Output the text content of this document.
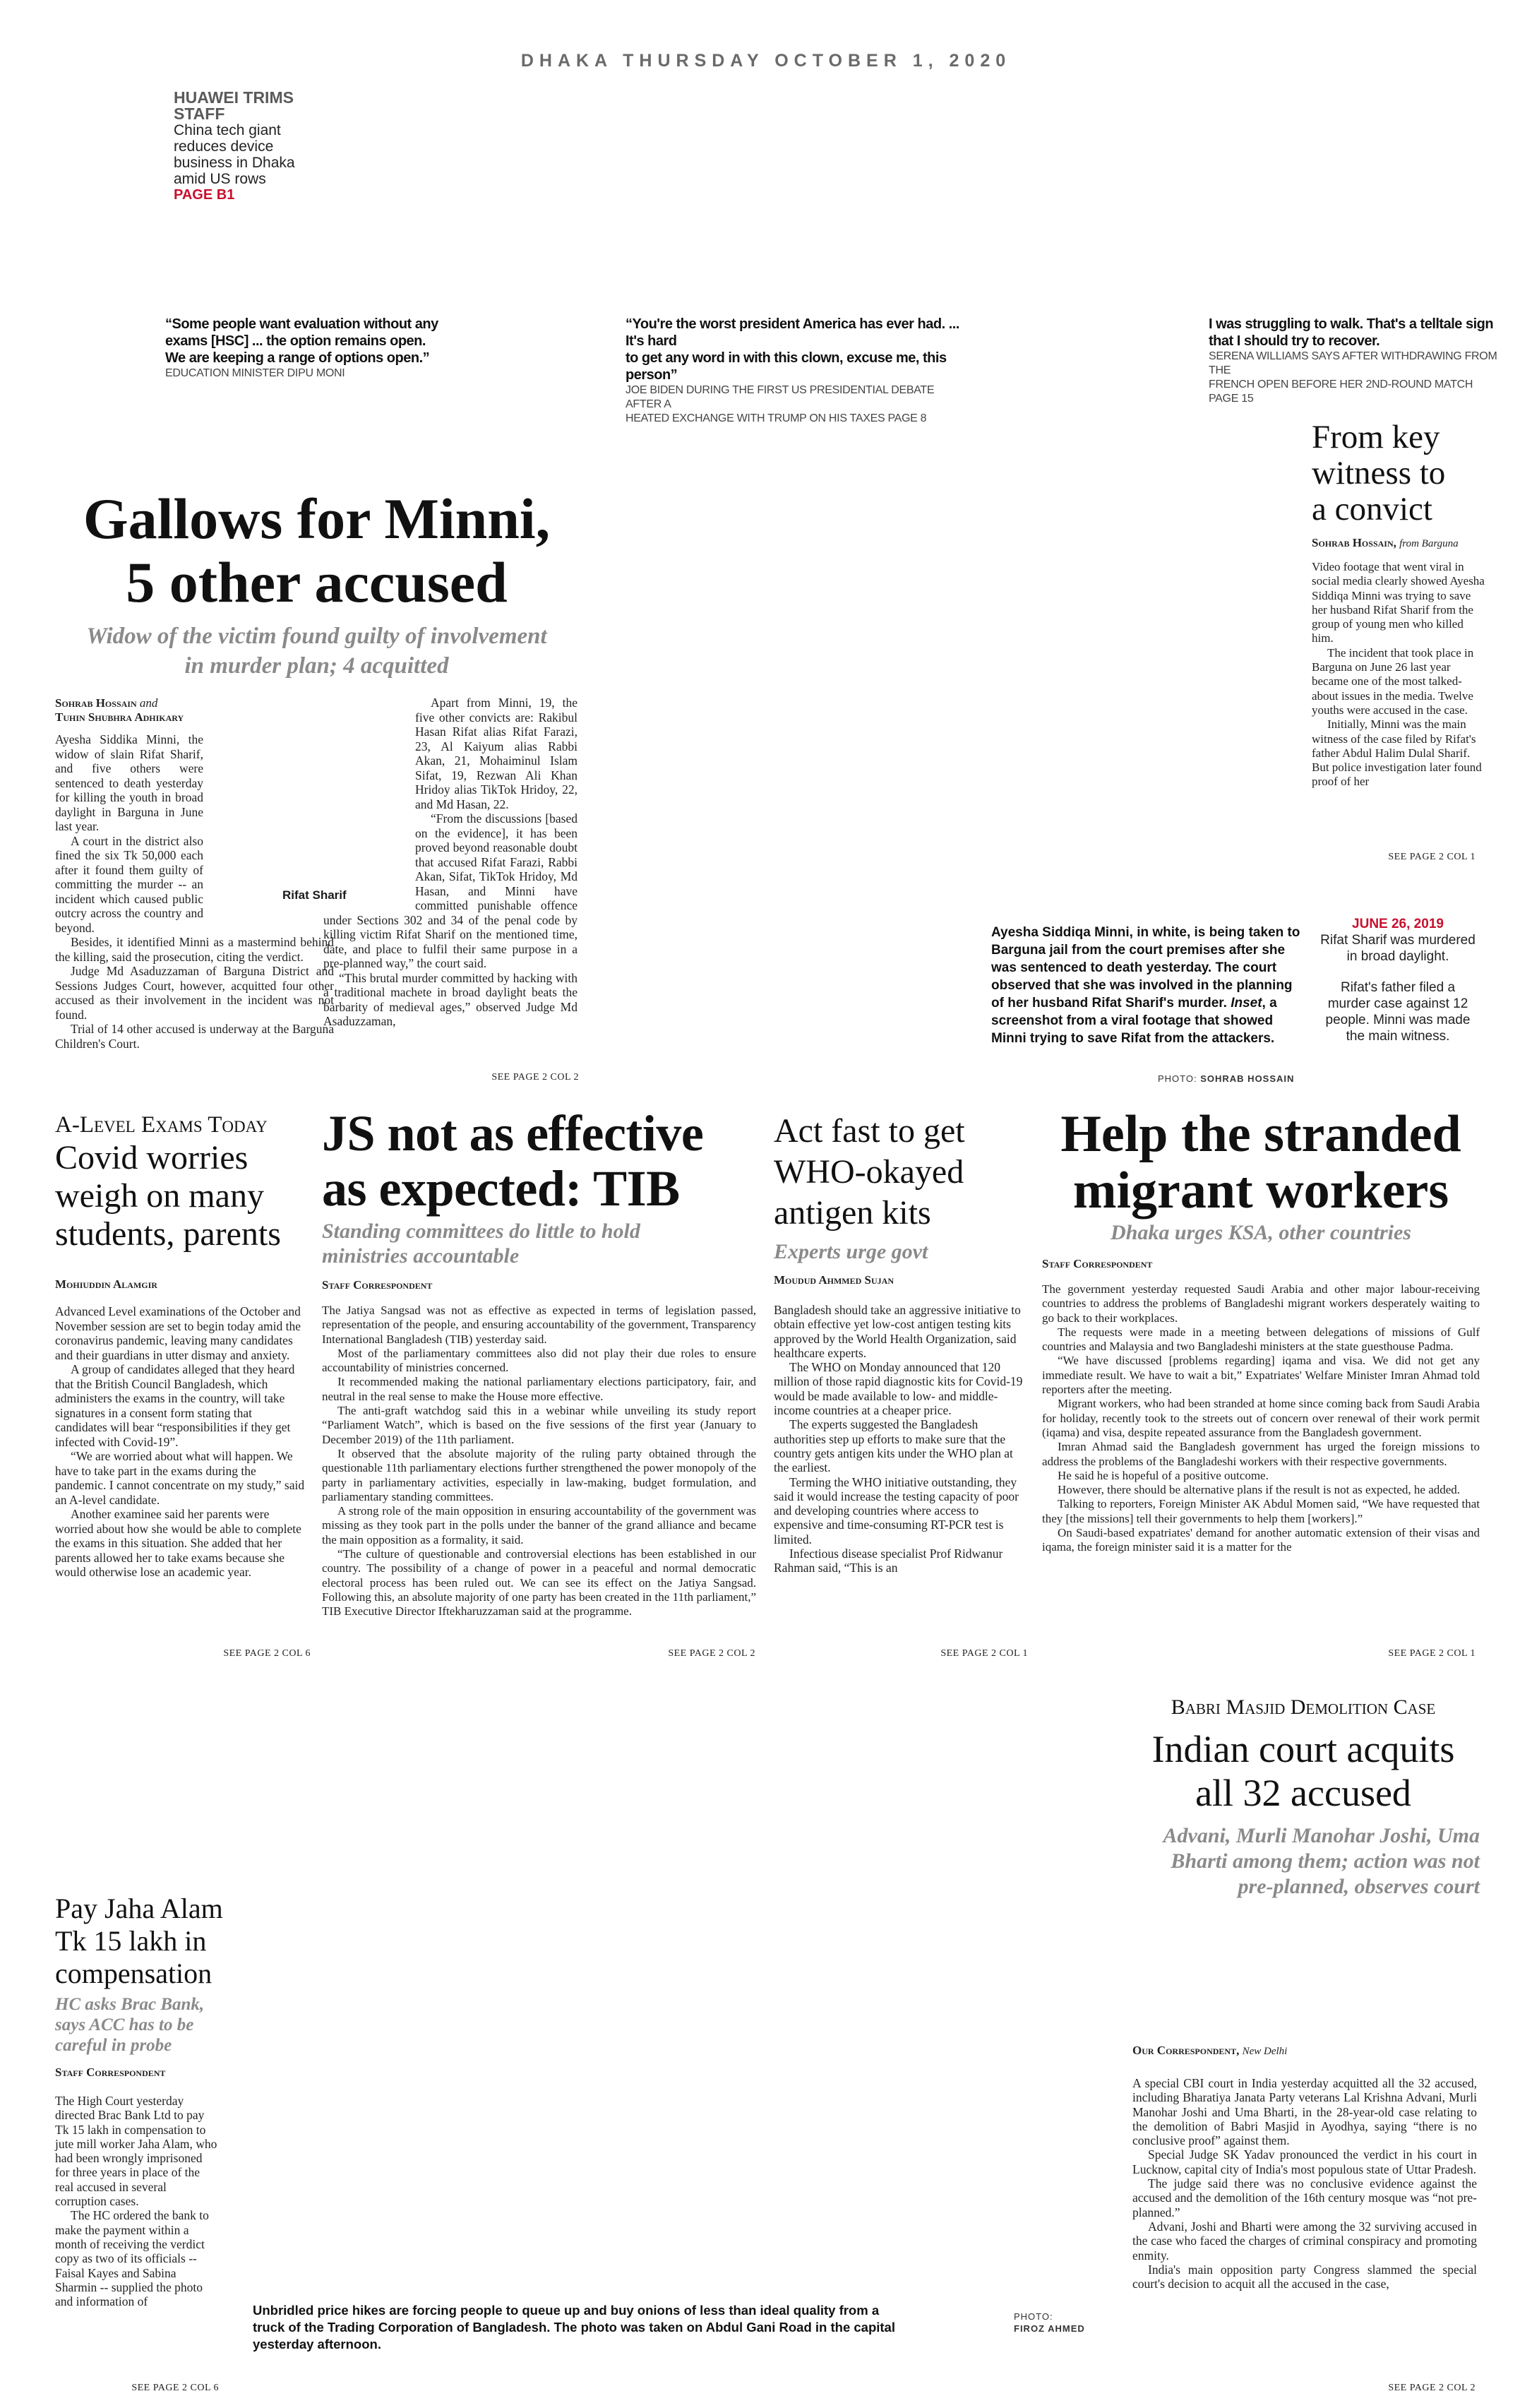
DHAKA THURSDAY OCTOBER 1, 2020
HUAWEI TRIMS
STAFF
China tech giant
reduces device
business in Dhaka
amid US rows
PAGE B1
“Some people want evaluation without any
exams [HSC] ... the option remains open.
We are keeping a range of options open.”
EDUCATION MINISTER DIPU MONI
“You're the worst president America has ever had. ... It's hard
to get any word in with this clown, excuse me, this person”
JOE BIDEN DURING THE FIRST US PRESIDENTIAL DEBATE AFTER A
HEATED EXCHANGE WITH TRUMP ON HIS TAXES PAGE 8
I was struggling to walk. That's a telltale sign
that I should try to recover.
SERENA WILLIAMS SAYS AFTER WITHDRAWING FROM THE
FRENCH OPEN BEFORE HER 2ND-ROUND MATCH PAGE 15
Gallows for Minni,
5 other accused
Widow of the victim found guilty of involvement
in murder plan; 4 acquitted
Sohrab Hossain and
Tuhin Shubhra Adhikary

Ayesha Siddika Minni, the widow of slain Rifat Sharif, and five others were sentenced to death yesterday for killing the youth in broad daylight in Barguna in June last year.

A court in the district also fined the six Tk 50,000 each after it found them guilty of committing the murder -- an incident which caused public outcry across the country and beyond.

Besides, it identified Minni as a mastermind behind the killing, said the prosecution, citing the verdict.

Judge Md Asaduzzaman of Barguna District and Sessions Judges Court, however, acquitted four other accused as their involvement in the incident was not found.

Trial of 14 other accused is underway at the Barguna Children's Court.

Rifat Sharif

Apart from Minni, 19, the five other convicts are: Rakibul Hasan Rifat alias Rifat Farazi, 23, Al Kaiyum alias Rabbi Akan, 21, Mohaiminul Islam Sifat, 19, Rezwan Ali Khan Hridoy alias TikTok Hridoy, 22, and Md Hasan, 22.

“From the discussions [based on the evidence], it has been proved beyond reasonable doubt that accused Rifat Farazi, Rabbi Akan, Sifat, TikTok Hridoy, Md Hasan, and Minni have committed punishable offence under Sections 302 and 34 of the penal code by killing victim Rifat Sharif on the mentioned time, date, and place to fulfil their same purpose in a pre-planned way,” the court said.

“This brutal murder committed by hacking with a traditional machete in broad daylight beats the barbarity of medieval ages,” observed Judge Md Asaduzzaman,

SEE PAGE 2 COL 2
From key
witness to
a convict
Sohrab Hossain, from Barguna

Video footage that went viral in social media clearly showed Ayesha Siddiqa Minni was trying to save her husband Rifat Sharif from the group of young men who killed him.

The incident that took place in Barguna on June 26 last year became one of the most talked-about issues in the media. Twelve youths were accused in the case.

Initially, Minni was the main witness of the case filed by Rifat's father Abdul Halim Dulal Sharif. But police investigation later found proof of her

SEE PAGE 2 COL 1
Ayesha Siddiqa Minni, in white, is being taken to
Barguna jail from the court premises after she
was sentenced to death yesterday. The court
observed that she was involved in the planning
of her husband Rifat Sharif's murder. Inset, a
screenshot from a viral footage that showed
Minni trying to save Rifat from the attackers.
PHOTO: SOHRAB HOSSAIN
JUNE 26, 2019
Rifat Sharif was murdered
in broad daylight.
Rifat's father filed a
murder case against 12
people. Minni was made
the main witness.
A-Level Exams Today
Covid worries
weigh on many
students, parents
Mohiuddin Alamgir

Advanced Level examinations of the October and November session are set to begin today amid the coronavirus pandemic, leaving many candidates and their guardians in utter dismay and anxiety.

A group of candidates alleged that they heard that the British Council Bangladesh, which administers the exams in the country, will take signatures in a consent form stating that candidates will bear “responsibilities if they get infected with Covid-19”.

“We are worried about what will happen. We have to take part in the exams during the pandemic. I cannot concentrate on my study,” said an A-level candidate.

Another examinee said her parents were worried about how she would be able to complete the exams in this situation. She added that her parents allowed her to take exams because she would otherwise lose an academic year.

SEE PAGE 2 COL 6
JS not as effective
as expected: TIB
Standing committees do little to hold
ministries accountable
Staff Correspondent

The Jatiya Sangsad was not as effective as expected in terms of legislation passed, representation of the people, and ensuring accountability of the government, Transparency International Bangladesh (TIB) yesterday said.

Most of the parliamentary committees also did not play their due roles to ensure accountability of ministries concerned.

It recommended making the national parliamentary elections participatory, fair, and neutral in the real sense to make the House more effective.

The anti-graft watchdog said this in a webinar while unveiling its study report “Parliament Watch”, which is based on the five sessions of the first year (January to December 2019) of the 11th parliament.

It observed that the absolute majority of the ruling party obtained through the questionable 11th parliamentary elections further strengthened the power monopoly of the party in parliamentary activities, especially in law-making, budget formulation, and parliamentary standing committees.

A strong role of the main opposition in ensuring accountability of the government was missing as they took part in the polls under the banner of the grand alliance and became the main opposition as a formality, it said.

“The culture of questionable and controversial elections has been established in our country. The possibility of a change of power in a peaceful and normal democratic electoral process has been ruled out. We can see its effect on the Jatiya Sangsad. Following this, an absolute majority of one party has been created in the 11th parliament,” TIB Executive Director Iftekharuzzaman said at the programme.

SEE PAGE 2 COL 2
Act fast to get
WHO-okayed
antigen kits
Experts urge govt
Moudud Ahmmed Sujan

Bangladesh should take an aggressive initiative to obtain effective yet low-cost antigen testing kits approved by the World Health Organization, said healthcare experts.

The WHO on Monday announced that 120 million of those rapid diagnostic kits for Covid-19 would be made available to low- and middle-income countries at a cheaper price.

The experts suggested the Bangladesh authorities step up efforts to make sure that the country gets antigen kits under the WHO plan at the earliest.

Terming the WHO initiative outstanding, they said it would increase the testing capacity of poor and developing countries where access to expensive and time-consuming RT-PCR test is limited.

Infectious disease specialist Prof Ridwanur Rahman said, “This is an

SEE PAGE 2 COL 1
Help the stranded
migrant workers
Dhaka urges KSA, other countries
Staff Correspondent

The government yesterday requested Saudi Arabia and other major labour-receiving countries to address the problems of Bangladeshi migrant workers desperately waiting to go back to their workplaces.

The requests were made in a meeting between delegations of missions of Gulf countries and Malaysia and two Bangladeshi ministers at the state guesthouse Padma.

“We have discussed [problems regarding] iqama and visa. We did not get any immediate result. We have to wait a bit,” Expatriates' Welfare Minister Imran Ahmad told reporters after the meeting.

Migrant workers, who had been stranded at home since coming back from Saudi Arabia for holiday, recently took to the streets out of concern over renewal of their work permit (iqama) and visa, despite repeated assurance from the Bangladesh government.

Imran Ahmad said the Bangladesh government has urged the foreign missions to address the problems of the Bangladeshi workers with their respective governments.

He said he is hopeful of a positive outcome.

However, there should be alternative plans if the result is not as expected, he added.

Talking to reporters, Foreign Minister AK Abdul Momen said, “We have requested that they [the missions] tell their governments to help them [workers].”

On Saudi-based expatriates' demand for another automatic extension of their visas and iqama, the foreign minister said it is a matter for the

SEE PAGE 2 COL 1
Babri Masjid Demolition Case
Indian court acquits
all 32 accused
Advani, Murli Manohar Joshi, Uma
Bharti among them; action was not
pre-planned, observes court
Our Correspondent, New Delhi

A special CBI court in India yesterday acquitted all the 32 accused, including Bharatiya Janata Party veterans Lal Krishna Advani, Murli Manohar Joshi and Uma Bharti, in the 28-year-old case relating to the demolition of Babri Masjid in Ayodhya, saying “there is no conclusive proof” against them.

Special Judge SK Yadav pronounced the verdict in his court in Lucknow, capital city of India's most populous state of Uttar Pradesh.

The judge said there was no conclusive evidence against the accused and the demolition of the 16th century mosque was “not pre-planned.”

Advani, Joshi and Bharti were among the 32 surviving accused in the case who faced the charges of criminal conspiracy and promoting enmity.

India's main opposition party Congress slammed the special court's decision to acquit all the accused in the case,

SEE PAGE 2 COL 2
Pay Jaha Alam
Tk 15 lakh in
compensation
HC asks Brac Bank,
says ACC has to be
careful in probe
Staff Correspondent

The High Court yesterday directed Brac Bank Ltd to pay Tk 15 lakh in compensation to jute mill worker Jaha Alam, who had been wrongly imprisoned for three years in place of the real accused in several corruption cases.

The HC ordered the bank to make the payment within a month of receiving the verdict copy as two of its officials -- Faisal Kayes and Sabina Sharmin -- supplied the photo and information of

SEE PAGE 2 COL 6
Unbridled price hikes are forcing people to queue up and buy onions of less than ideal quality from a
truck of the Trading Corporation of Bangladesh. The photo was taken on Abdul Gani Road in the capital
yesterday afternoon.
PHOTO:
FIROZ AHMED
